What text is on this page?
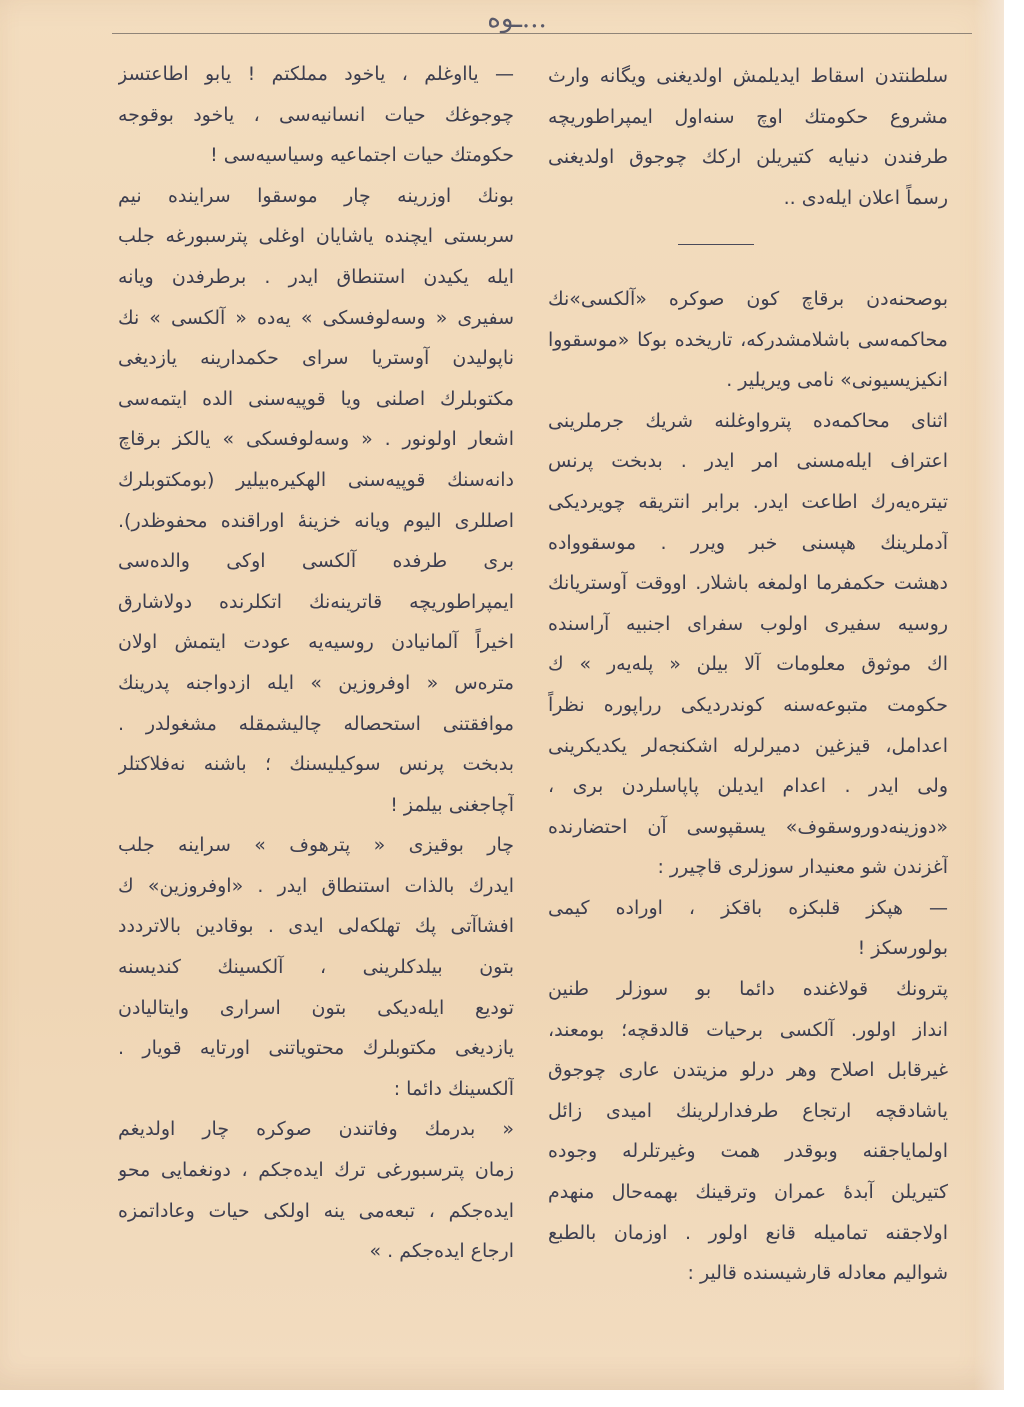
...ـوه
سلطنتدن اسقاط ایدیلمش اولدیغنی ویگانه وارث
مشروع حکومتك اوچ سنه‌اول ایمپراطوریچه
طرفندن دنیایه کتیریلن ارکك چوجوق اولدیغنی
رسماً اعلان ایله‌دی ..
بوصحنه‌دن برقاچ کون صوکره «آلکسی»نك
محاکمه‌سی باشلامشدرکه، تاریخده بوکا «موسقووا
انکیزیسیونی» نامی ویریلیر .
اثنای محاکمه‌ده پترواوغلنه شریك جرملرینی
اعتراف ایله‌مسنی امر ایدر . بدبخت پرنس
تیتره‌یه‌رك اطاعت ایدر. برابر انتریقه چویردیکی
آدملرینك هپسنی خبر ویرر . موسقوواده
دهشت حکمفرما اولمغه باشلار. اووقت آوستریانك
روسیه سفیری اولوب سفرای اجنبیه آراسنده
اك موثوق معلومات آلا بیلن « پله‌یه‌ر » ك
حکومت متبوعه‌سنه کوندردیکی رراپوره نظراً
اعدامل، قیزغین دمیرلرله اشکنجه‌لر یکدیکرینی
ولی ایدر . اعدام ایدیلن پاپاسلردن بری ،
«دوزینه‌دوروسقوف» یسقپوسی آن احتضارنده
آغزندن شو معنیدار سوزلری قاچیرر :
— هپکز قلبکزه باقکز ، اوراده کیمی
بولورسکز !
پترونك قولاغنده دائما بو سوزلر طنین
انداز اولور. آلکسی برحیات قالدقچه؛ بومعند،
غیرقابل اصلاح وهر درلو مزیتدن عاری چوجوق
یاشادقچه ارتجاع طرفدارلرینك امیدی زائل
اولمایاجقنه وبوقدر همت وغیرتلرله وجوده
کتیریلن آبدهٔ عمران وترقینك بهمه‌حال منهدم
اولاجقنه تماميله قانع اولور . اوزمان بالطبع
شوالیم معادله قارشیسنده قالیر :
— یااوغلم ، یاخود مملکتم ! یابو اطاعتسز
چوجوغك حیات انسانیه‌سی ، یاخود بوقوجه
حکومتك حیات اجتماعیه وسیاسیه‌سی !
بونك اوزرینه چار موسقوا سراینده نیم
سربستی ایچنده یاشایان اوغلی پترسبورغه جلب
ایله یکیدن استنطاق ایدر . برطرفدن ویانه
سفیری « وسه‌لوفسکی » یه‌ده « آلکسی » نك
ناپولیدن آوستریا سرای حکمدارینه یازدیغی
مکتوبلرك اصلنی ویا قوپیه‌سنی الده ایتمه‌سی
اشعار اولونور . « وسه‌لوفسکی » یالکز برقاچ
دانه‌سنك قوپیه‌سنی الهکیره‌بیلیر (بومکتوبلرك
اصللری الیوم ویانه خزینهٔ اوراقنده محفوظدر).
بری طرفده آلکسی اوکی والده‌سی
ایمپراطوریچه قاترینه‌نك اتکلرنده دولاشارق
اخیراً آلمانیادن روسیه‌یه عودت ایتمش اولان
مترەس « اوفروزین » ایله ازدواجنه پدرینك
موافقتنی استحصاله چالیشمقله مشغولدر .
بدبخت پرنس سوکیلیسنك ؛ باشنه نه‌فلاکتلر
آچاجغنی بیلمز !
چار بوقیزی « پترهوف » سراینه جلب
ایدرك بالذات استنطاق ایدر . «اوفروزین» ك
افشاآتی پك تهلکه‌لی ایدی . بوقادین بالاترددد
بتون بیلدکلرینی ، آلکسینك کندیسنه
تودیع ایله‌دیکی بتون اسراری وایتالیادن
یازدیغی مکتوبلرك محتویاتنی اورتایه قویار .
آلکسینك دائما :
« بدرمك وفاتندن صوکره چار اولدیغم
زمان پترسبورغی ترك ایده‌جکم ، دونغمایی محو
ایده‌جکم ، تبعه‌می ینه اولکی حیات وعاداتمزه
ارجاع ایده‌جکم . »
